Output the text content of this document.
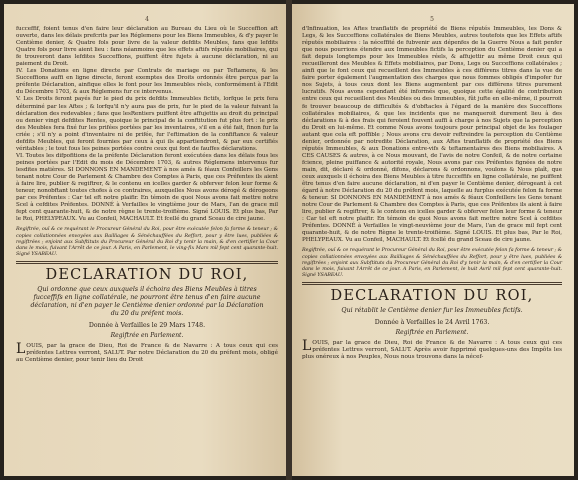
4
fucceffif, foient tenus d'en faire leur déclaration au Bureau du Lieu où le Succeffion aft ouverte, dans les délais prefcrits par les Réglemens pour les Biens Immeubles, & d'y payer le Centième denier, & Quatre fols pour livre de la valeur defdits Meubles, fans que lefdits Quatre fols pour livre aient lieu : fans néanmoins que les effets aftifs réputés mobiliaires, qui fe trouveront dans lefdites Succeffions, puiffent être fujets à aucune déclaration, ni au paiement du Droit.
IV. Les Donations en ligne directe par Contrats de mariage ou par Teftamens, & les Succeffions auffi en ligne directe, feront exemptes des Droits ordonnés être perçus par la préfente Déclaration, ainfique elles le font pour les Immeubles réels, conformément à l'Edit du Décembre 1703, & aux Réglemens fur ce intervenus.
V. Les Droits feront payés fur le pied du prix defdits Immeubles fictifs, lorfque le prix fera déterminé par les Aftes ; & lorfqu'il n'y aura pas de prix, fur le pied de la valeur fuivant la déclaration des redevables ; fans que lesRentiers puiffent être affujettis au droit du principal ou denier vingt defdites Rentes, quoique le principal de la conftitution fut plus fort : le prix des Meubles fera fixé fur les prifées portées par les inventaires, s'il en a été fait, finon fur la criée ; s'il n'y a point d'inventaire ni de prifée, fur l'eftimation de la confiftance & valeur defdits Meubles, qui feront fournies par ceux à qui ils appartiendront, & par eux certifiés véritables ; le tout fous les peines portées contre ceux qui font de fauffes déclarations.
VI. Toutes les difpofitions de la préfente Déclaration feront exécutées dans les délais fous les peines portées par l'Edit du mois de Décembre 1703, & autres Réglemens intervenus fur lesdites matières. SI DONNONS EN MANDEMENT à nos amés & féaux Confeillers les Gens tenant notre Cour de Parlement & Chambre des Comptes à Paris, que ces Préfentes ils aient à faire lire, publier & regiftrer, & le contenu en icelles garder & obferver felon leur forme & teneur, nonobftant toutes chofes à ce contraires, auxquelles Nous avons dérogé & dérogeons par ces Préfentes : Car tel eft notre plaifir. En témoin de quoi Nous avons fait mettre notre Scel à cefdites Préfentes. DONNÉ à Verfailles le vingtième jour de Mars, l'an de grace mil fept cent quarante-huit, & de notre règne le trente-troifième. Signé LOUIS. Et plus bas, Par le Roi, PHELYPEAUX. Vu au Confeil, MACHAULT. Et fcellé du grand Sceau de cire jaune.
Regiftrée, ouï & ce requérant le Procureur Général du Roi, pour être exécutée felon fa forme & teneur ; & copies collationnées envoyées aux Bailliages & Sénéchauffées du Reffort, pour y être lues, publiées & regiftrées ; enjoint aux Subftituts du Procureur Général du Roi d'y tenir la main, & d'en certifier la Cour dans le mois, fuivant l'Arrêt de ce jour. A Paris, en Parlement, le ving-fix Mars mil fept cent quarante-huit. Signé YSABEAU.
DECLARATION DU ROI,
Qui ordonne que ceux auxquels il échoira des Biens Meubles à titres fucceffifs en ligne collatérale, ne pourront être tenus d'en faire aucune déclaration, ni d'en payer le Centième denier ordonné par la Déclaration du 20 du préfent mois.
Donnée à Verfailles le 29 Mars 1748.
Regiftrée en Parlement.
L OUIS, par la grace de Dieu, Roi de France & de Navarre : A tous ceux qui ces préfentes Lettres verront, SALUT. Par notre Déclaration du 20 du préfent mois, obligé au Centième denier, pour tenir lieu du Droit
5
d'Infinuation, les Aftes tranflatifs de propriété de Biens réputés Immeubles, les Dons & Legs, & les Succeffions collatérales de Biens Meubles, autres toutefois que les Effets aftifs réputés mobiliaires : la néceffité de fubvenir aux dépenfes de la Guerre Nous a fait penfer que nous pourrions étendre aux Immeubles fictifs la perception du Centième denier qui a fait depuis longtemps pour les Immeubles réels, & affujettir au même Droit ceux qui recueilleront des Meubles & Effets mobiliaires, par Dons, Legs ou Succeffions collatérales ; ainfi que le font ceux qui recueillent des Immeubles à ces différens titres dans la vue de faire porter également l'augmentation des charges que nous fommes obligés d'impofer fur nos Sujets, à tous ceux dont les Biens augmentent par ces différens titres purement lucratifs. Nous avons cependant été informés que, quoique cette égalité de contribution entre ceux qui recueillent des Meubles ou des Immeubles, fût jufte en elle-même, il pourroit fe trouver beaucoup de difficultés & d'obftacles à l'égard de la manière des Succeffions collatérales mobiliaires, & que les incidents que ne manqueroit durement lieu à des déclarations & à des frais qui feroient fouvent auffi à charge à nos Sujets que la perception du Droit en lui-même. Et comme Nous avons toujours pour principal objet de les foulager autant que cela eft poffible ; Nous avons cru devoir reftreindre la perception du Centième denier, ordonnée par notredite Déclaration, aux Aftes tranflatifs de propriété des Biens réputés Immeubles, & aux Donations entre-vifs & teftamentaires des Biens mobiliaires. A CES CAUSES & autres, à ce Nous mouvant, de l'avis de notre Confeil, & de notre certaine fcience, pleine puiffance & autorité royale, Nous avons par ces Préfentes fignées de notre main, dit, déclaré & ordonné, difons, déclarons & ordonnons, voulons & Nous plaît, que ceux auxquels il échoira des Biens Meubles à titre fucceffifs en ligne collatérale, ne puiffent être tenus d'en faire aucune déclaration, ni d'en payer le Centième denier, dérogeant à cet égard à notre Déclaration du 20 du préfent mois, laquelle au furplus exécutée felon fa forme & teneur. SI DONNONS EN MANDEMENT à nos amés & féaux Confeillers les Gens tenant notre Cour de Parlement & Chambre des Comptes à Paris, que ces Préfentes ils aient à faire lire, publier & regiftrer, & le contenu en icelles garder & obferver felon leur forme & teneur : Car tel eft notre plaifir. En témoin de quoi Nous avons fait mettre notre Scel à cefdites Préfentes. DONNÉ à Verfailles le vingt-neuvième jour de Mars, l'an de grace mil fept cent quarante-huit, & de notre Règne le trente-troifième. Signé LOUIS. Et plus bas, Par le Roi, PHELYPEAUX. Vu au Confeil, MACHAULT. Et fcellé du grand Sceau de cire jaune.
Regiftrée, ouï & ce requérant le Procureur Général du Roi, pour être exécutée felon fa forme & teneur ; & copies collationnées envoyées aux Bailliages & Sénéchauffées du Reffort, pour y être lues, publiées & regiftrées ; enjoint aux Subftituts du Procureur Général du Roi d'y tenir la main, & d'en certifier la Cour dans le mois, fuivant l'Arrêt de ce jour. A Paris, en Parlement, le huit Avril mil fept cent quarante-huit. Signé YSABEAU.
DECLARATION DU ROI,
Qui rétablit le Centième denier fur les Immeubles fictifs.
Donnée à Verfailles le 24 Avril 1763.
Regiftrée en Parlement.
L OUIS, par la grace de Dieu, Roi de France & de Navarre : A tous ceux qui ces préfentes Lettres verront, SALUT. Après avoir fupprimé quelques-uns des Impôts les plus onéreux à nos Peuples, Nous nous trouvons dans la nécef-
